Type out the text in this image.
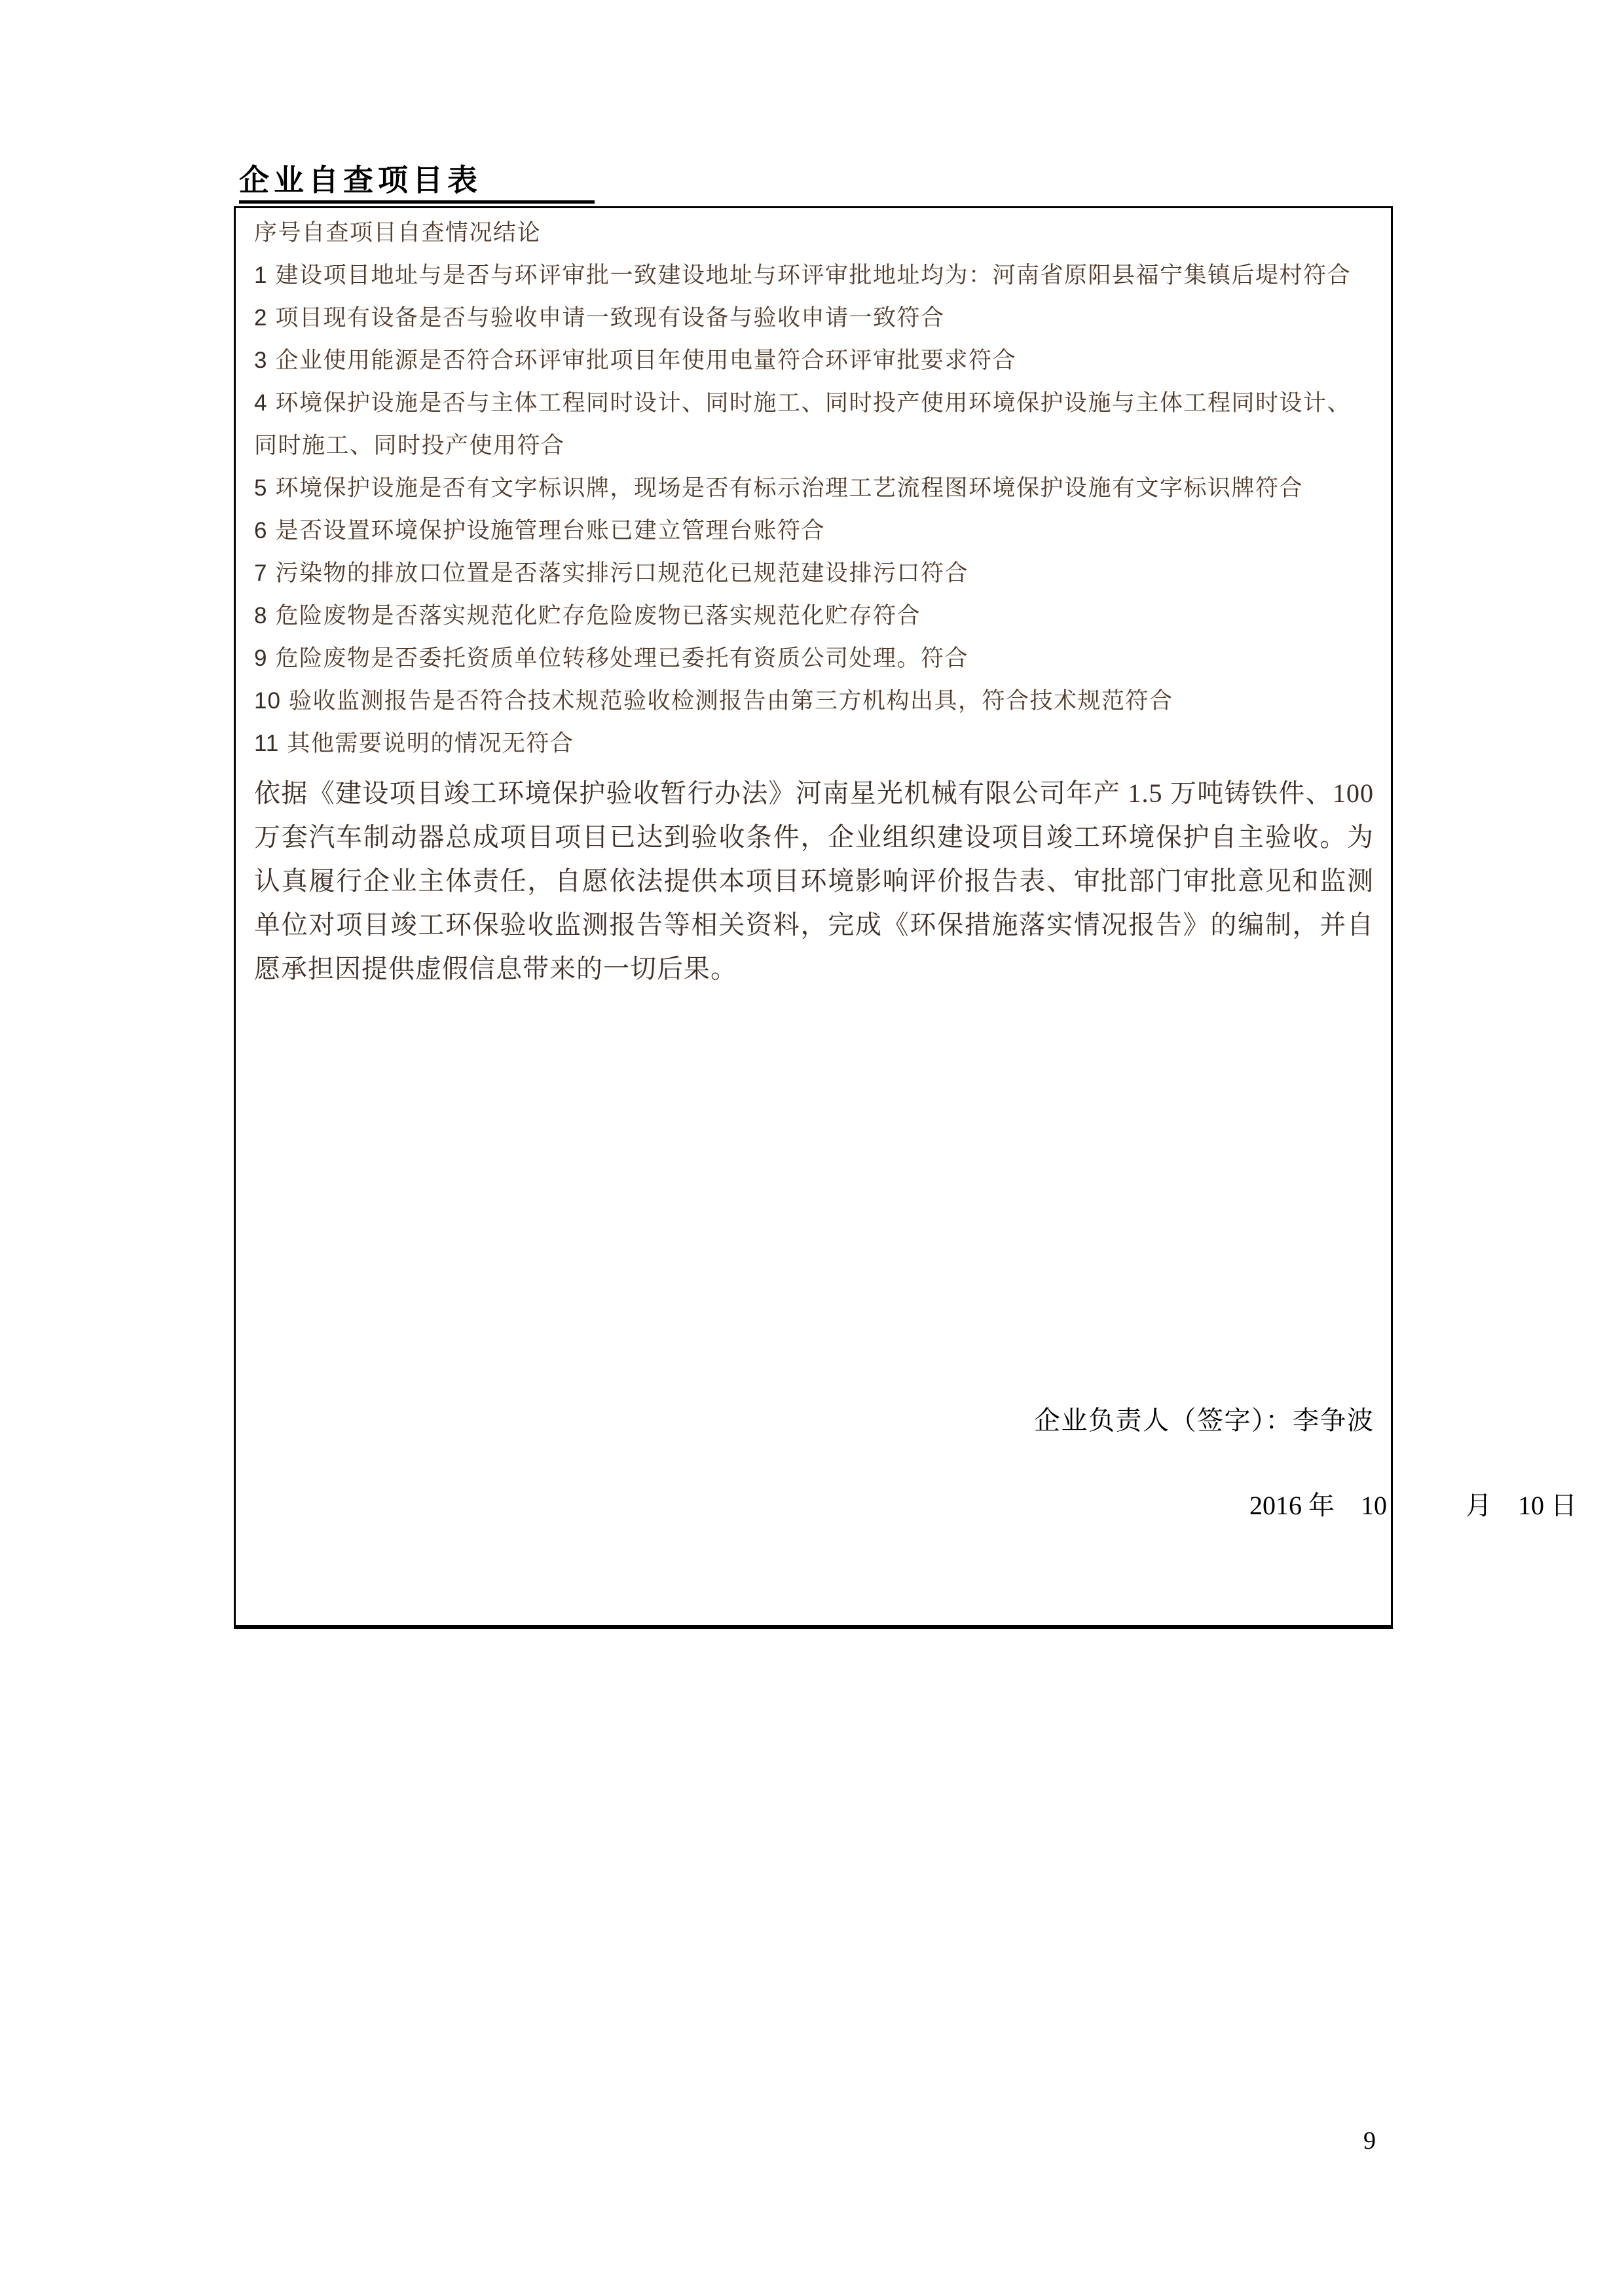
企业自查项目表

序号自查项目自查情况结论

1 建设项目地址与是否与环评审批一致建设地址与环评审批地址均为：河南省原阳县福宁集镇后堤村符合

2 项目现有设备是否与验收申请一致现有设备与验收申请一致符合

3 企业使用能源是否符合环评审批项目年使用电量符合环评审批要求符合

4 环境保护设施是否与主体工程同时设计、同时施工、同时投产使用环境保护设施与主体工程同时设计、

同时施工、同时投产使用符合

5 环境保护设施是否有文字标识牌，现场是否有标示治理工艺流程图环境保护设施有文字标识牌符合

6 是否设置环境保护设施管理台账已建立管理台账符合

7 污染物的排放口位置是否落实排污口规范化已规范建设排污口符合

8 危险废物是否落实规范化贮存危险废物已落实规范化贮存符合

9 危险废物是否委托资质单位转移处理已委托有资质公司处理。符合

10 验收监测报告是否符合技术规范验收检测报告由第三方机构出具，符合技术规范符合

11 其他需要说明的情况无符合

依据《建设项目竣工环境保护验收暂行办法》河南星光机械有限公司年产 1.5 万吨铸铁件、100万套汽车制动器总成项目项目已达到验收条件，企业组织建设项目竣工环境保护自主验收。为认真履行企业主体责任，自愿依法提供本项目环境影响评价报告表、审批部门审批意见和监测单位对项目竣工环保验收监测报告等相关资料，完成《环保措施落实情况报告》的编制，并自愿承担因提供虚假信息带来的一切后果。

企业负责人（签字）：李争波
2016 年　10　　　月　10 日
9
